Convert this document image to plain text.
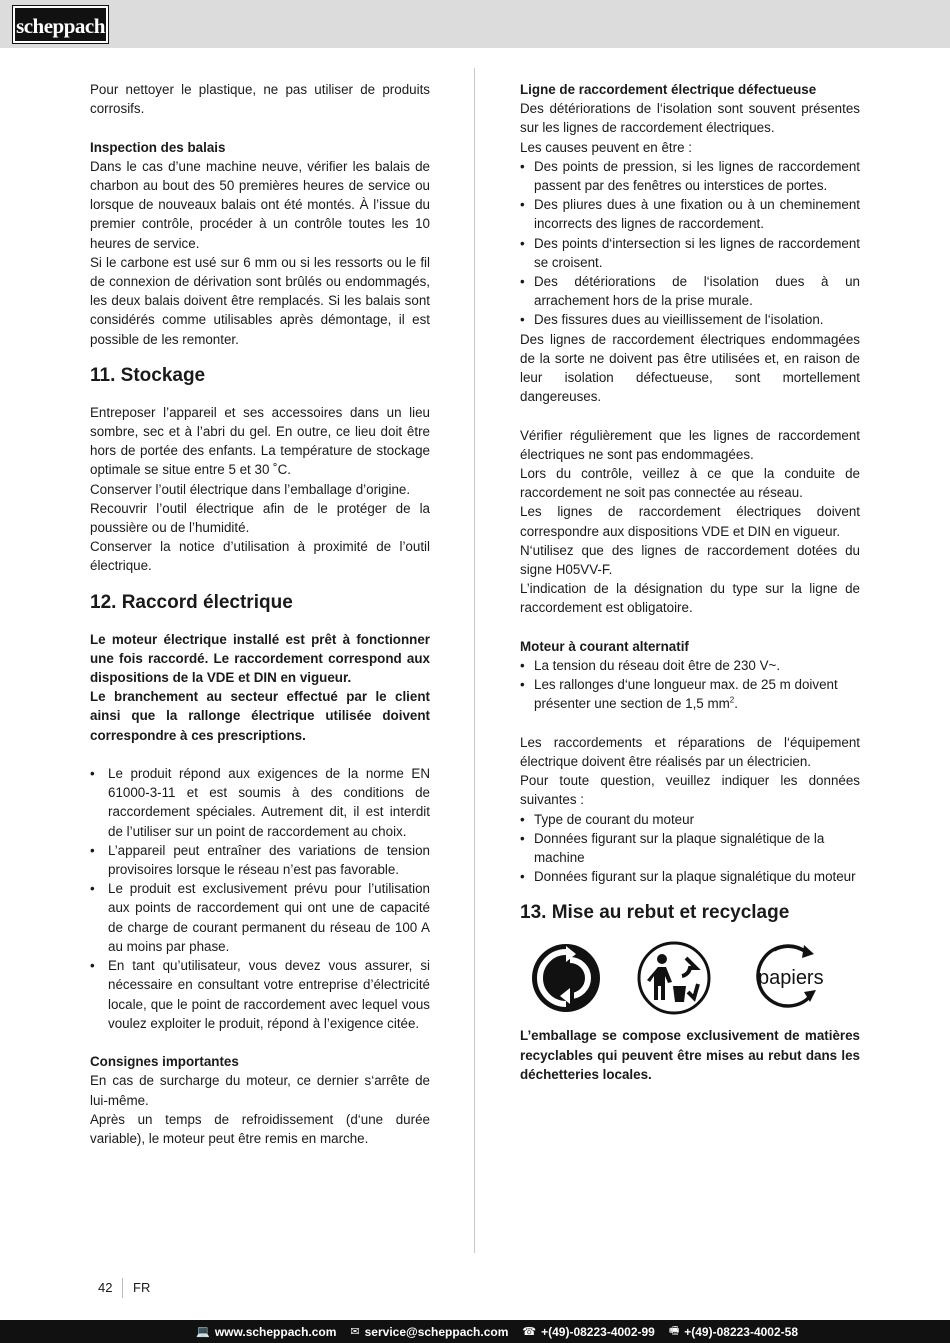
scheppach

Pour nettoyer le plastique, ne pas utiliser de produits corrosifs.

Inspection des balais

Dans le cas d’une machine neuve, vérifier les balais de charbon au bout des 50 premières heures de service ou lorsque de nouveaux balais ont été montés. À l’issue du premier contrôle, procéder à un contrôle toutes les 10 heures de service.

Si le carbone est usé sur 6 mm ou si les ressorts ou le fil de connexion de dérivation sont brûlés ou endommagés, les deux balais doivent être remplacés. Si les balais sont considérés comme utilisables après démontage, il est possible de les remonter.

11. Stockage

Entreposer l’appareil et ses accessoires dans un lieu sombre, sec et à l’abri du gel. En outre, ce lieu doit être hors de portée des enfants. La température de stockage optimale se situe entre 5 et 30 ˚C.

Conserver l’outil électrique dans l’emballage d’origine.

Recouvrir l’outil électrique afin de le protéger de la poussière ou de l’humidité.

Conserver la notice d’utilisation à proximité de l’outil électrique.

12. Raccord électrique

Le moteur électrique installé est prêt à fonctionner une fois raccordé. Le raccordement correspond aux dispositions de la VDE et DIN en vigueur.

Le branchement au secteur effectué par le client ainsi que la rallonge électrique utilisée doivent correspondre à ces prescriptions.

• Le produit répond aux exigences de la norme EN 61000-3-11 et est soumis à des conditions de raccordement spéciales. Autrement dit, il est interdit de l’utiliser sur un point de raccordement au choix.
• L’appareil peut entraîner des variations de tension provisoires lorsque le réseau n’est pas favorable.
• Le produit est exclusivement prévu pour l’utilisation aux points de raccordement qui ont une de capacité de charge de courant permanent du réseau de 100 A au moins par phase.
• En tant qu’utilisateur, vous devez vous assurer, si nécessaire en consultant votre entreprise d’électricité locale, que le point de raccordement avec lequel vous voulez exploiter le produit, répond à l’exigence citée.

Consignes importantes

En cas de surcharge du moteur, ce dernier s‘arrête de lui-même.

Après un temps de refroidissement (d‘une durée variable), le moteur peut être remis en marche.

Ligne de raccordement électrique défectueuse

Des détériorations de l‘isolation sont souvent présentes sur les lignes de raccordement électriques.

Les causes peuvent en être :

• Des points de pression, si les lignes de raccordement passent par des fenêtres ou interstices de portes.
• Des pliures dues à une fixation ou à un cheminement incorrects des lignes de raccordement.
• Des points d‘intersection si les lignes de raccordement se croisent.
• Des détériorations de l‘isolation dues à un arrachement hors de la prise murale.
• Des fissures dues au vieillissement de l‘isolation.

Des lignes de raccordement électriques endommagées de la sorte ne doivent pas être utilisées et, en raison de leur isolation défectueuse, sont mortellement dangereuses.

Vérifier régulièrement que les lignes de raccordement électriques ne sont pas endommagées.

Lors du contrôle, veillez à ce que la conduite de raccordement ne soit pas connectée au réseau.

Les lignes de raccordement électriques doivent correspondre aux dispositions VDE et DIN en vigueur.

N‘utilisez que des lignes de raccordement dotées du signe H05VV-F.

L’indication de la désignation du type sur la ligne de raccordement est obligatoire.

Moteur à courant alternatif

• La tension du réseau doit être de 230 V~.
• Les rallonges d‘une longueur max. de 25 m doivent présenter une section de 1,5 $mm^2$.

Les raccordements et réparations de l‘équipement électrique doivent être réalisés par un électricien.

Pour toute question, veuillez indiquer les données suivantes :

• Type de courant du moteur
• Données figurant sur la plaque signalétique de la machine
• Données figurant sur la plaque signalétique du moteur
13. Mise au rebut et recyclage
papiers

L’emballage se compose exclusivement de matières recyclables qui peuvent être mises au rebut dans les déchetteries locales.

42 FR
💻 www.scheppach.com ✉ service@scheppach.com ☎ +(49)-08223-4002-99 🖷 +(49)-08223-4002-58
